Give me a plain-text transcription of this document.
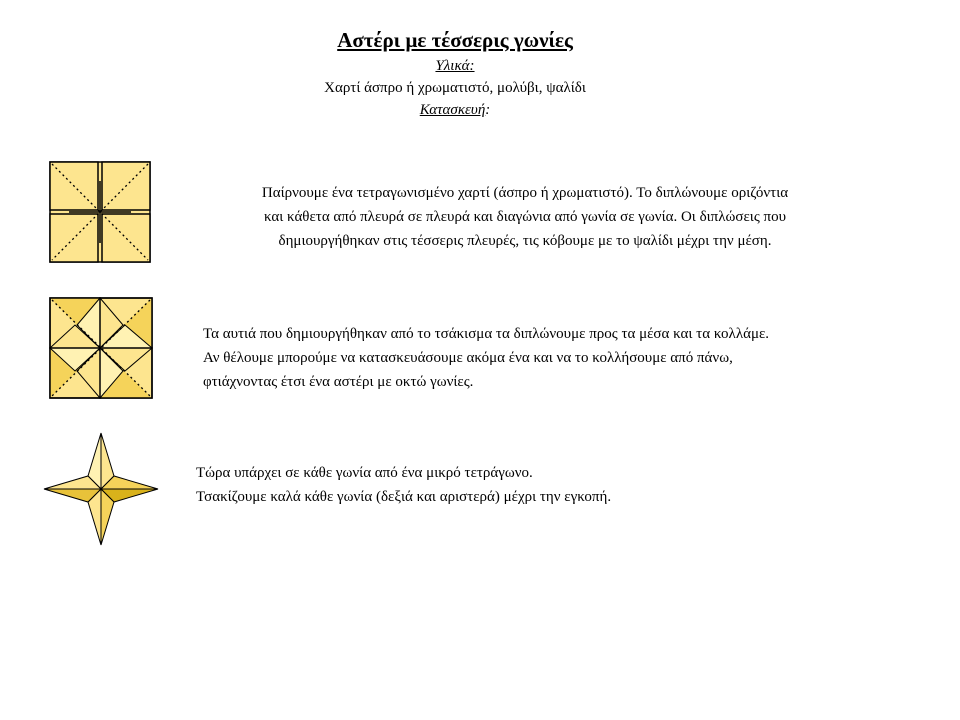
Αστέρι με τέσσερις γωνίες
Υλικά:
Χαρτί άσπρο ή χρωματιστό, μολύβι, ψαλίδι
Κατασκευή:
Παίρνουμε ένα τετραγωνισμένο χαρτί (άσπρο ή χρωματιστό). Το διπλώνουμε οριζόντια
και κάθετα από πλευρά σε πλευρά και διαγώνια από γωνία σε γωνία. Οι διπλώσεις που
δημιουργήθηκαν στις τέσσερις πλευρές, τις κόβουμε με το ψαλίδι μέχρι την μέση.
Τα αυτιά που δημιουργήθηκαν από το τσάκισμα τα διπλώνουμε προς τα μέσα και τα κολλάμε.
Αν θέλουμε μπορούμε να κατασκευάσουμε ακόμα ένα και να το κολλήσουμε από πάνω,
φτιάχνοντας έτσι ένα αστέρι με οκτώ γωνίες.
Τώρα υπάρχει σε κάθε γωνία από ένα μικρό τετράγωνο.
Τσακίζουμε καλά κάθε γωνία (δεξιά και αριστερά) μέχρι την εγκοπή.
